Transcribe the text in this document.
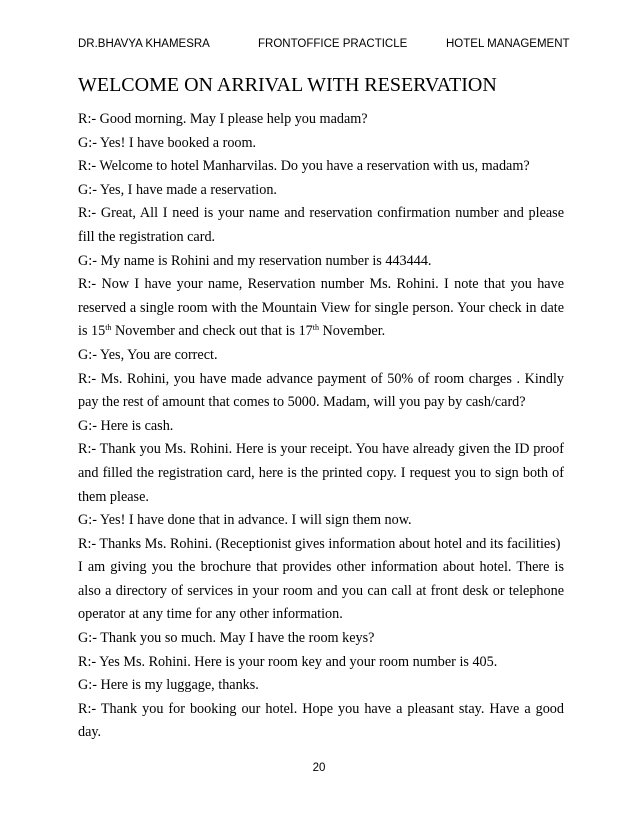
DR.BHAVYA KHAMESRA	FRONTOFFICE PRACTICLE	HOTEL MANAGEMENT
WELCOME ON ARRIVAL WITH RESERVATION

R:- Good morning. May I please help you madam?

G:- Yes! I have booked a room.

R:- Welcome to hotel Manharvilas. Do you have a reservation with us, madam?

G:- Yes, I have made a reservation.

R:- Great, All I need is your name and reservation confirmation number and please fill the registration card.

G:- My name is Rohini and my reservation number is 443444.

R:- Now I have your name, Reservation number Ms. Rohini. I note that you have reserved a single room with the Mountain View for single person. Your check in date is 15th November and check out that is 17th November.

G:- Yes, You are correct.

R:- Ms. Rohini, you have made advance payment of 50% of room charges . Kindly pay the rest of amount that comes to 5000. Madam, will you pay by cash/card?

G:- Here is cash.

R:- Thank you Ms. Rohini. Here is your receipt. You have already given the ID proof and filled the registration card, here is the printed copy. I request you to sign both of them please.

G:- Yes! I have done that in advance. I will sign them now.

R:- Thanks Ms. Rohini. (Receptionist gives information about hotel and its facilities)

I am giving you the brochure that provides other information about hotel. There is also a directory of services in your room and you can call at front desk or telephone operator at any time for any other information.

G:- Thank you so much. May I have the room keys?

R:- Yes Ms. Rohini. Here is your room key and your room number is 405.

G:- Here is my luggage, thanks.

R:- Thank you for booking our hotel. Hope you have a pleasant stay. Have a good day.

20
